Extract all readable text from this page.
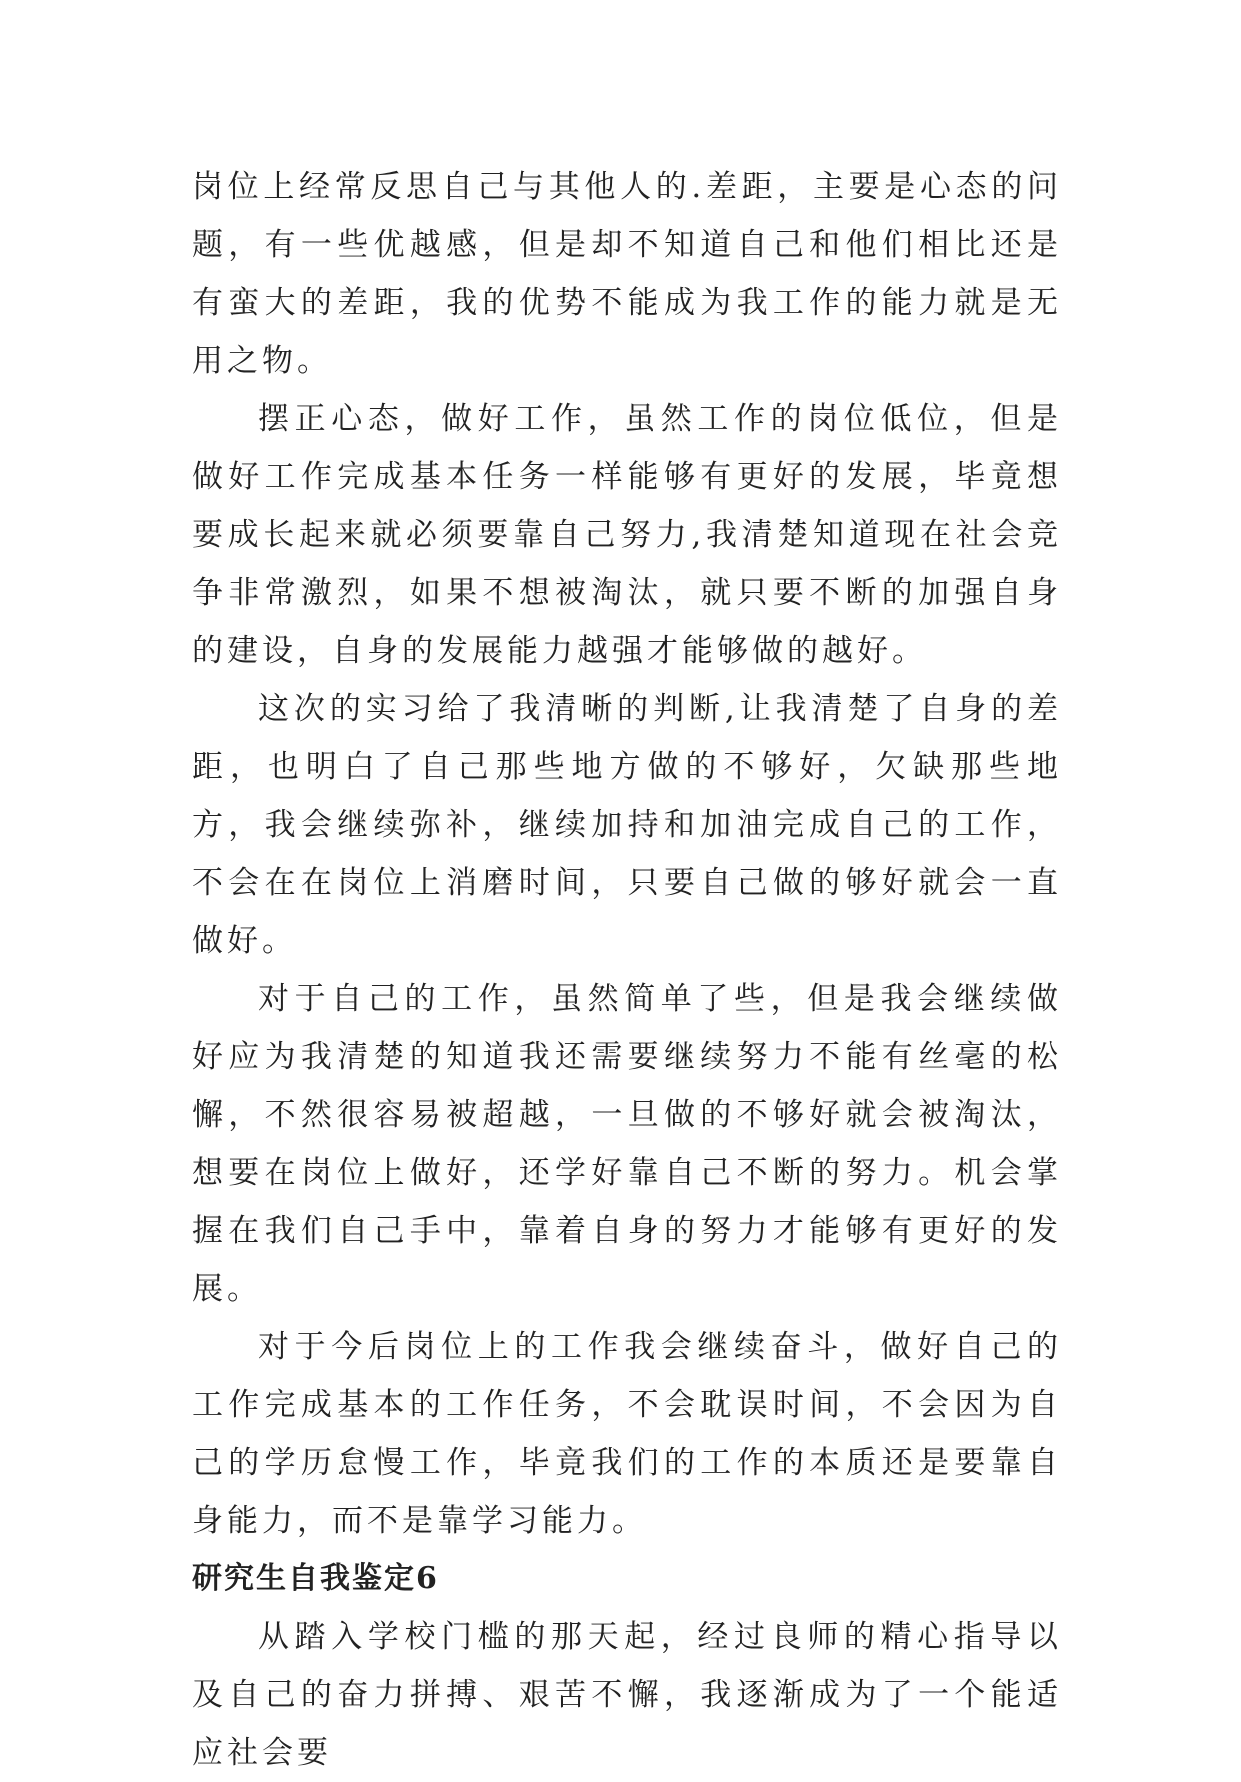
岗位上经常反思自己与其他人的.差距，主要是心态的问题，有一些优越感，但是却不知道自己和他们相比还是有蛮大的差距，我的优势不能成为我工作的能力就是无用之物。

摆正心态，做好工作，虽然工作的岗位低位，但是做好工作完成基本任务一样能够有更好的发展，毕竟想要成长起来就必须要靠自己努力,我清楚知道现在社会竞争非常激烈，如果不想被淘汰，就只要不断的加强自身的建设，自身的发展能力越强才能够做的越好。

这次的实习给了我清晰的判断,让我清楚了自身的差距，也明白了自己那些地方做的不够好，欠缺那些地方，我会继续弥补，继续加持和加油完成自己的工作，不会在在岗位上消磨时间，只要自己做的够好就会一直做好。

对于自己的工作，虽然简单了些，但是我会继续做好应为我清楚的知道我还需要继续努力不能有丝毫的松懈，不然很容易被超越，一旦做的不够好就会被淘汰，想要在岗位上做好，还学好靠自己不断的努力。机会掌握在我们自己手中，靠着自身的努力才能够有更好的发展。

对于今后岗位上的工作我会继续奋斗，做好自己的工作完成基本的工作任务，不会耽误时间，不会因为自己的学历怠慢工作，毕竟我们的工作的本质还是要靠自身能力，而不是靠学习能力。

研究生自我鉴定6

从踏入学校门槛的那天起，经过良师的精心指导以及自己的奋力拼搏、艰苦不懈，我逐渐成为了一个能适应社会要
